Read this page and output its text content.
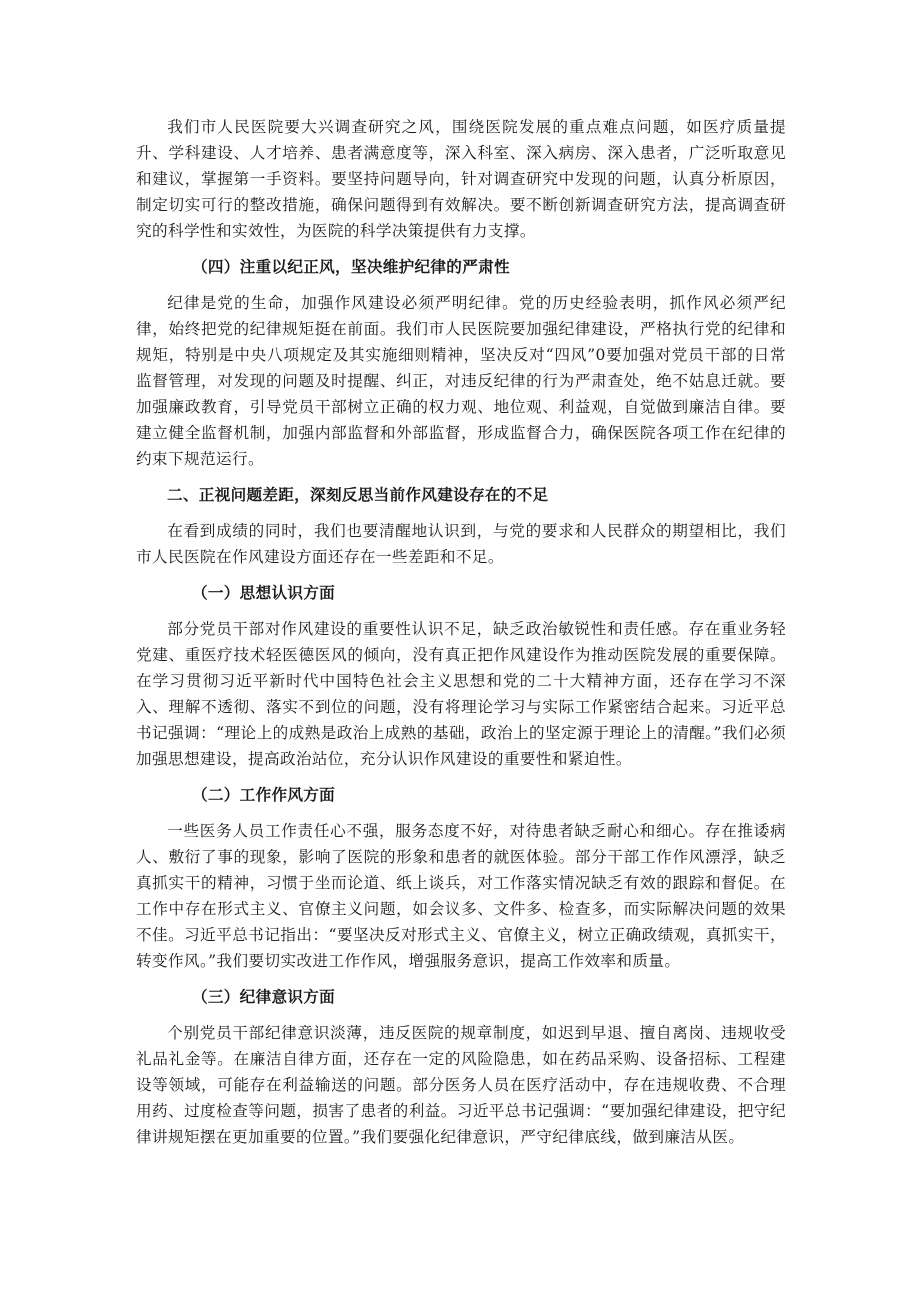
我们市人民医院要大兴调查研究之风，围绕医院发展的重点难点问题，如医疗质量提升、学科建设、人才培养、患者满意度等，深入科室、深入病房、深入患者，广泛听取意见和建议，掌握第一手资料。要坚持问题导向，针对调查研究中发现的问题，认真分析原因，制定切实可行的整改措施，确保问题得到有效解决。要不断创新调查研究方法，提高调查研究的科学性和实效性，为医院的科学决策提供有力支撑。

（四）注重以纪正风，坚决维护纪律的严肃性

纪律是党的生命，加强作风建设必须严明纪律。党的历史经验表明，抓作风必须严纪律，始终把党的纪律规矩挺在前面。我们市人民医院要加强纪律建设，严格执行党的纪律和规矩，特别是中央八项规定及其实施细则精神，坚决反对“四风”0要加强对党员干部的日常监督管理，对发现的问题及时提醒、纠正，对违反纪律的行为严肃查处，绝不姑息迁就。要加强廉政教育，引导党员干部树立正确的权力观、地位观、利益观，自觉做到廉洁自律。要建立健全监督机制，加强内部监督和外部监督，形成监督合力，确保医院各项工作在纪律的约束下规范运行。

二、正视问题差距，深刻反思当前作风建设存在的不足

在看到成绩的同时，我们也要清醒地认识到，与党的要求和人民群众的期望相比，我们市人民医院在作风建设方面还存在一些差距和不足。

（一）思想认识方面

部分党员干部对作风建设的重要性认识不足，缺乏政治敏锐性和责任感。存在重业务轻党建、重医疗技术轻医德医风的倾向，没有真正把作风建设作为推动医院发展的重要保障。在学习贯彻习近平新时代中国特色社会主义思想和党的二十大精神方面，还存在学习不深入、理解不透彻、落实不到位的问题，没有将理论学习与实际工作紧密结合起来。习近平总书记强调：“理论上的成熟是政治上成熟的基础，政治上的坚定源于理论上的清醒。”我们必须加强思想建设，提高政治站位，充分认识作风建设的重要性和紧迫性。

（二）工作作风方面

一些医务人员工作责任心不强，服务态度不好，对待患者缺乏耐心和细心。存在推诿病人、敷衍了事的现象，影响了医院的形象和患者的就医体验。部分干部工作作风漂浮，缺乏真抓实干的精神，习惯于坐而论道、纸上谈兵，对工作落实情况缺乏有效的跟踪和督促。在工作中存在形式主义、官僚主义问题，如会议多、文件多、检查多，而实际解决问题的效果不佳。习近平总书记指出：“要坚决反对形式主义、官僚主义，树立正确政绩观，真抓实干，转变作风。”我们要切实改进工作作风，增强服务意识，提高工作效率和质量。

（三）纪律意识方面

个别党员干部纪律意识淡薄，违反医院的规章制度，如迟到早退、擅自离岗、违规收受礼品礼金等。在廉洁自律方面，还存在一定的风险隐患，如在药品采购、设备招标、工程建设等领域，可能存在利益输送的问题。部分医务人员在医疗活动中，存在违规收费、不合理用药、过度检查等问题，损害了患者的利益。习近平总书记强调：“要加强纪律建设，把守纪律讲规矩摆在更加重要的位置。”我们要强化纪律意识，严守纪律底线，做到廉洁从医。
